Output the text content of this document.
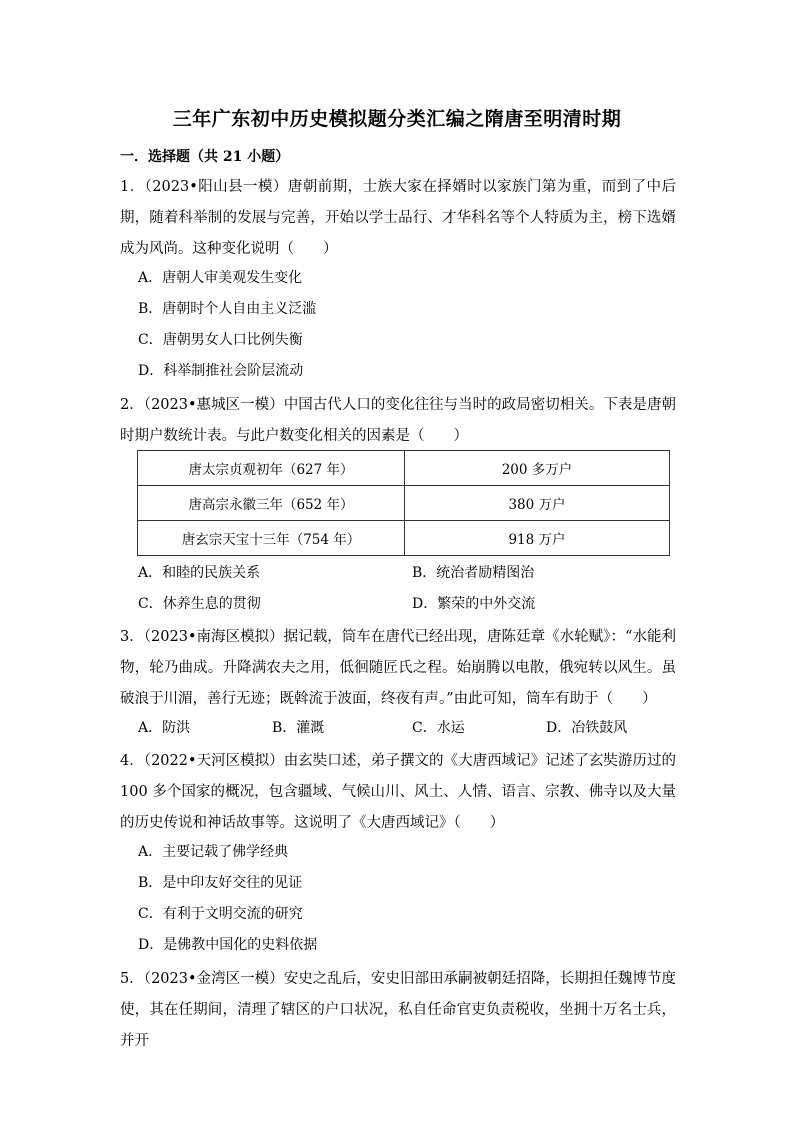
三年广东初中历史模拟题分类汇编之隋唐至明清时期
一．选择题（共 21 小题）
1．（2023•阳山县一模）唐朝前期，士族大家在择婿时以家族门第为重，而到了中后期，随着科举制的发展与完善，开始以学士品行、才华科名等个人特质为主，榜下选婿成为风尚。这种变化说明（　　）
A．唐朝人审美观发生变化
B．唐朝时个人自由主义泛滥
C．唐朝男女人口比例失衡
D．科举制推社会阶层流动
2．（2023•惠城区一模）中国古代人口的变化往往与当时的政局密切相关。下表是唐朝时期户数统计表。与此户数变化相关的因素是（　　）
唐太宗贞观初年（627 年）	200 多万户
唐高宗永徽三年（652 年）	380 万户
唐玄宗天宝十三年（754 年）	918 万户
A．和睦的民族关系	B．统治者励精图治
C．休养生息的贯彻	D．繁荣的中外交流
3．（2023•南海区模拟）据记载，筒车在唐代已经出现，唐陈廷章《水轮赋》：“水能利物，轮乃曲成。升降满农夫之用，低徊随匠氏之程。始崩腾以电散，俄宛转以风生。虽破浪于川湄，善行无迹；既斡流于波面，终夜有声。”由此可知，筒车有助于（　　）
A．防洪	B．灌溉	C．水运	D．冶铁鼓风
4．（2022•天河区模拟）由玄奘口述，弟子撰文的《大唐西域记》记述了玄奘游历过的 100 多个国家的概况，包含疆域、气候山川、风土、人情、语言、宗教、佛寺以及大量的历史传说和神话故事等。这说明了《大唐西域记》（　　）
A．主要记载了佛学经典
B．是中印友好交往的见证
C．有利于文明交流的研究
D．是佛教中国化的史料依据
5．（2023•金湾区一模）安史之乱后，安史旧部田承嗣被朝廷招降，长期担任魏博节度使，其在任期间，清理了辖区的户口状况，私自任命官吏负责税收，坐拥十万名士兵，并开
